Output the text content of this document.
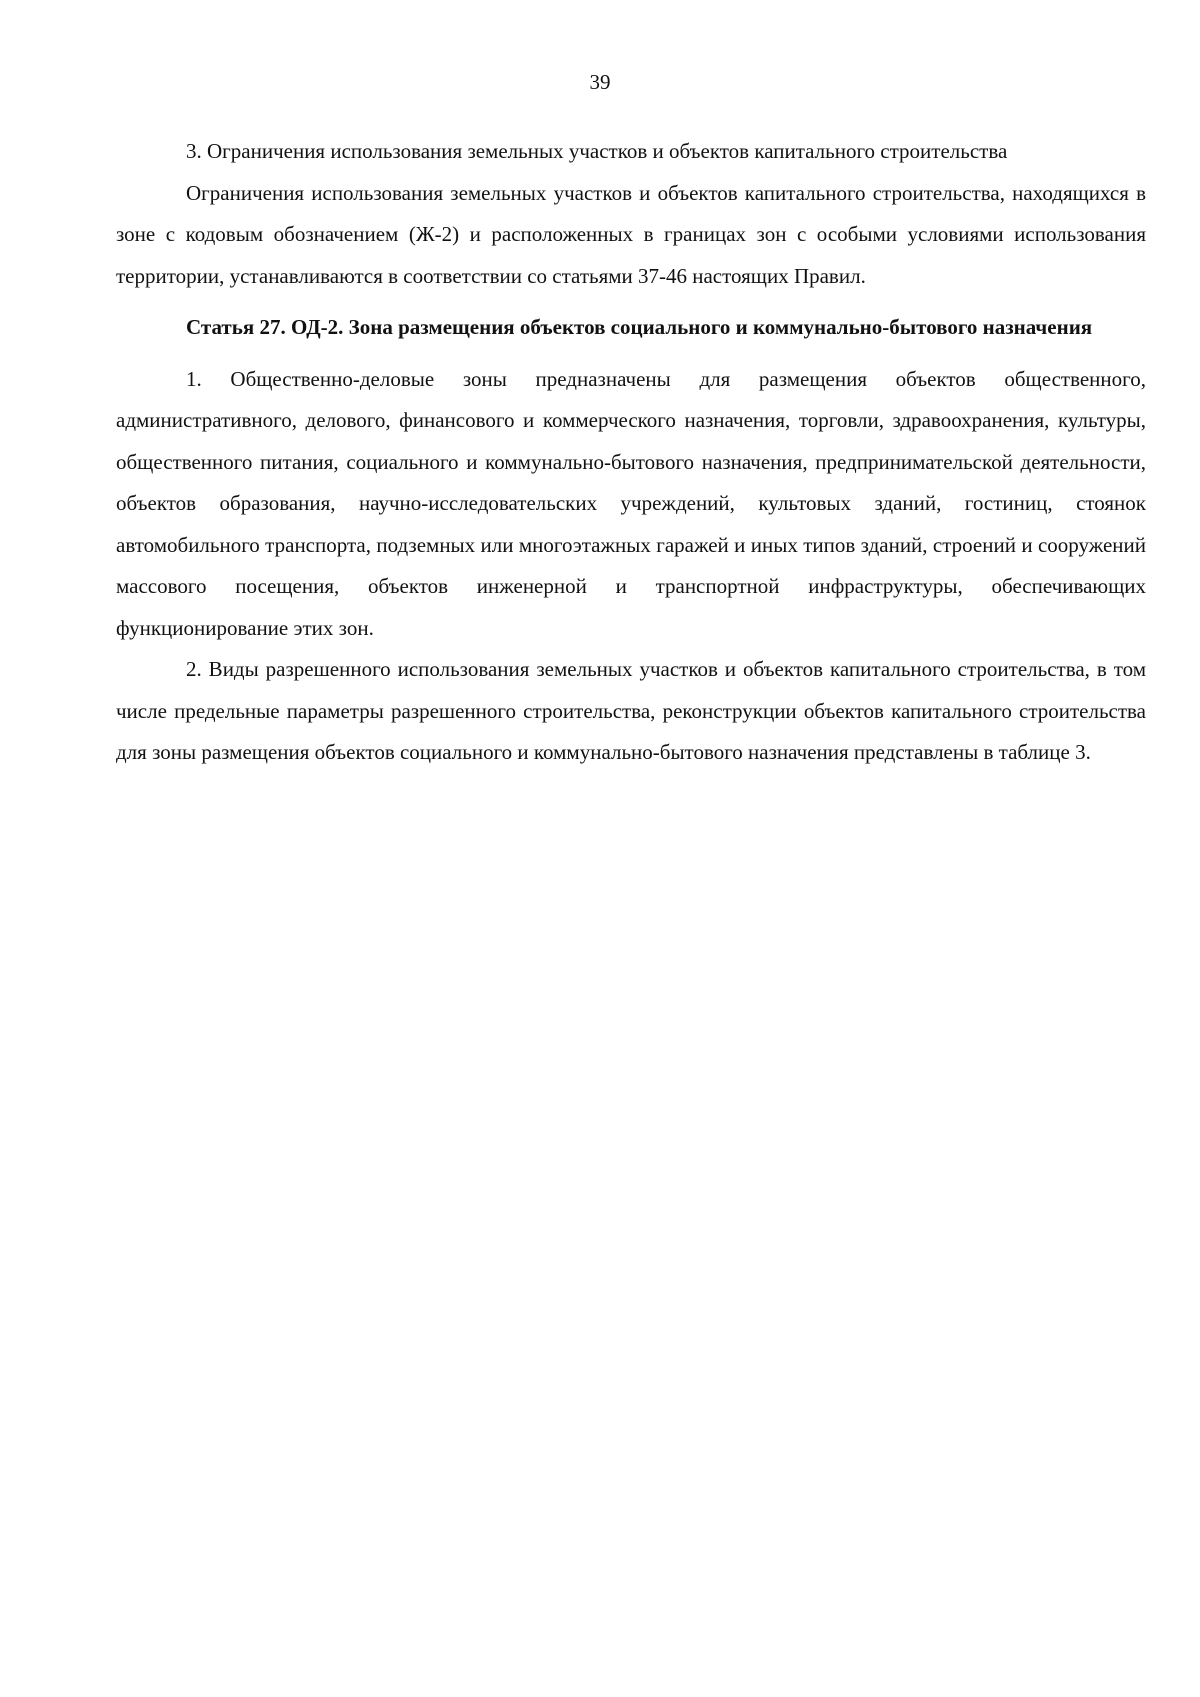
39

3. Ограничения использования земельных участков и объектов капитального строительства

Ограничения использования земельных участков и объектов капитального строительства, находящихся в зоне с кодовым обозначением (Ж-2) и расположенных в границах зон с особыми условиями использования территории, устанавливаются в соответствии со статьями 37-46 настоящих Правил.

Статья 27. ОД-2. Зона размещения объектов социального и коммунально-бытового назначения

1. Общественно-деловые зоны предназначены для размещения объектов общественного, административного, делового, финансового и коммерческого назначения, торговли, здравоохранения, культуры, общественного питания, социального и коммунально-бытового назначения, предпринимательской деятельности, объектов образования, научно-исследовательских учреждений, культовых зданий, гостиниц, стоянок автомобильного транспорта, подземных или многоэтажных гаражей и иных типов зданий, строений и сооружений массового посещения, объектов инженерной и транспортной инфраструктуры, обеспечивающих функционирование этих зон.

2. Виды разрешенного использования земельных участков и объектов капитального строительства, в том числе предельные параметры разрешенного строительства, реконструкции объектов капитального строительства для зоны размещения объектов социального и коммунально-бытового назначения представлены в таблице 3.
